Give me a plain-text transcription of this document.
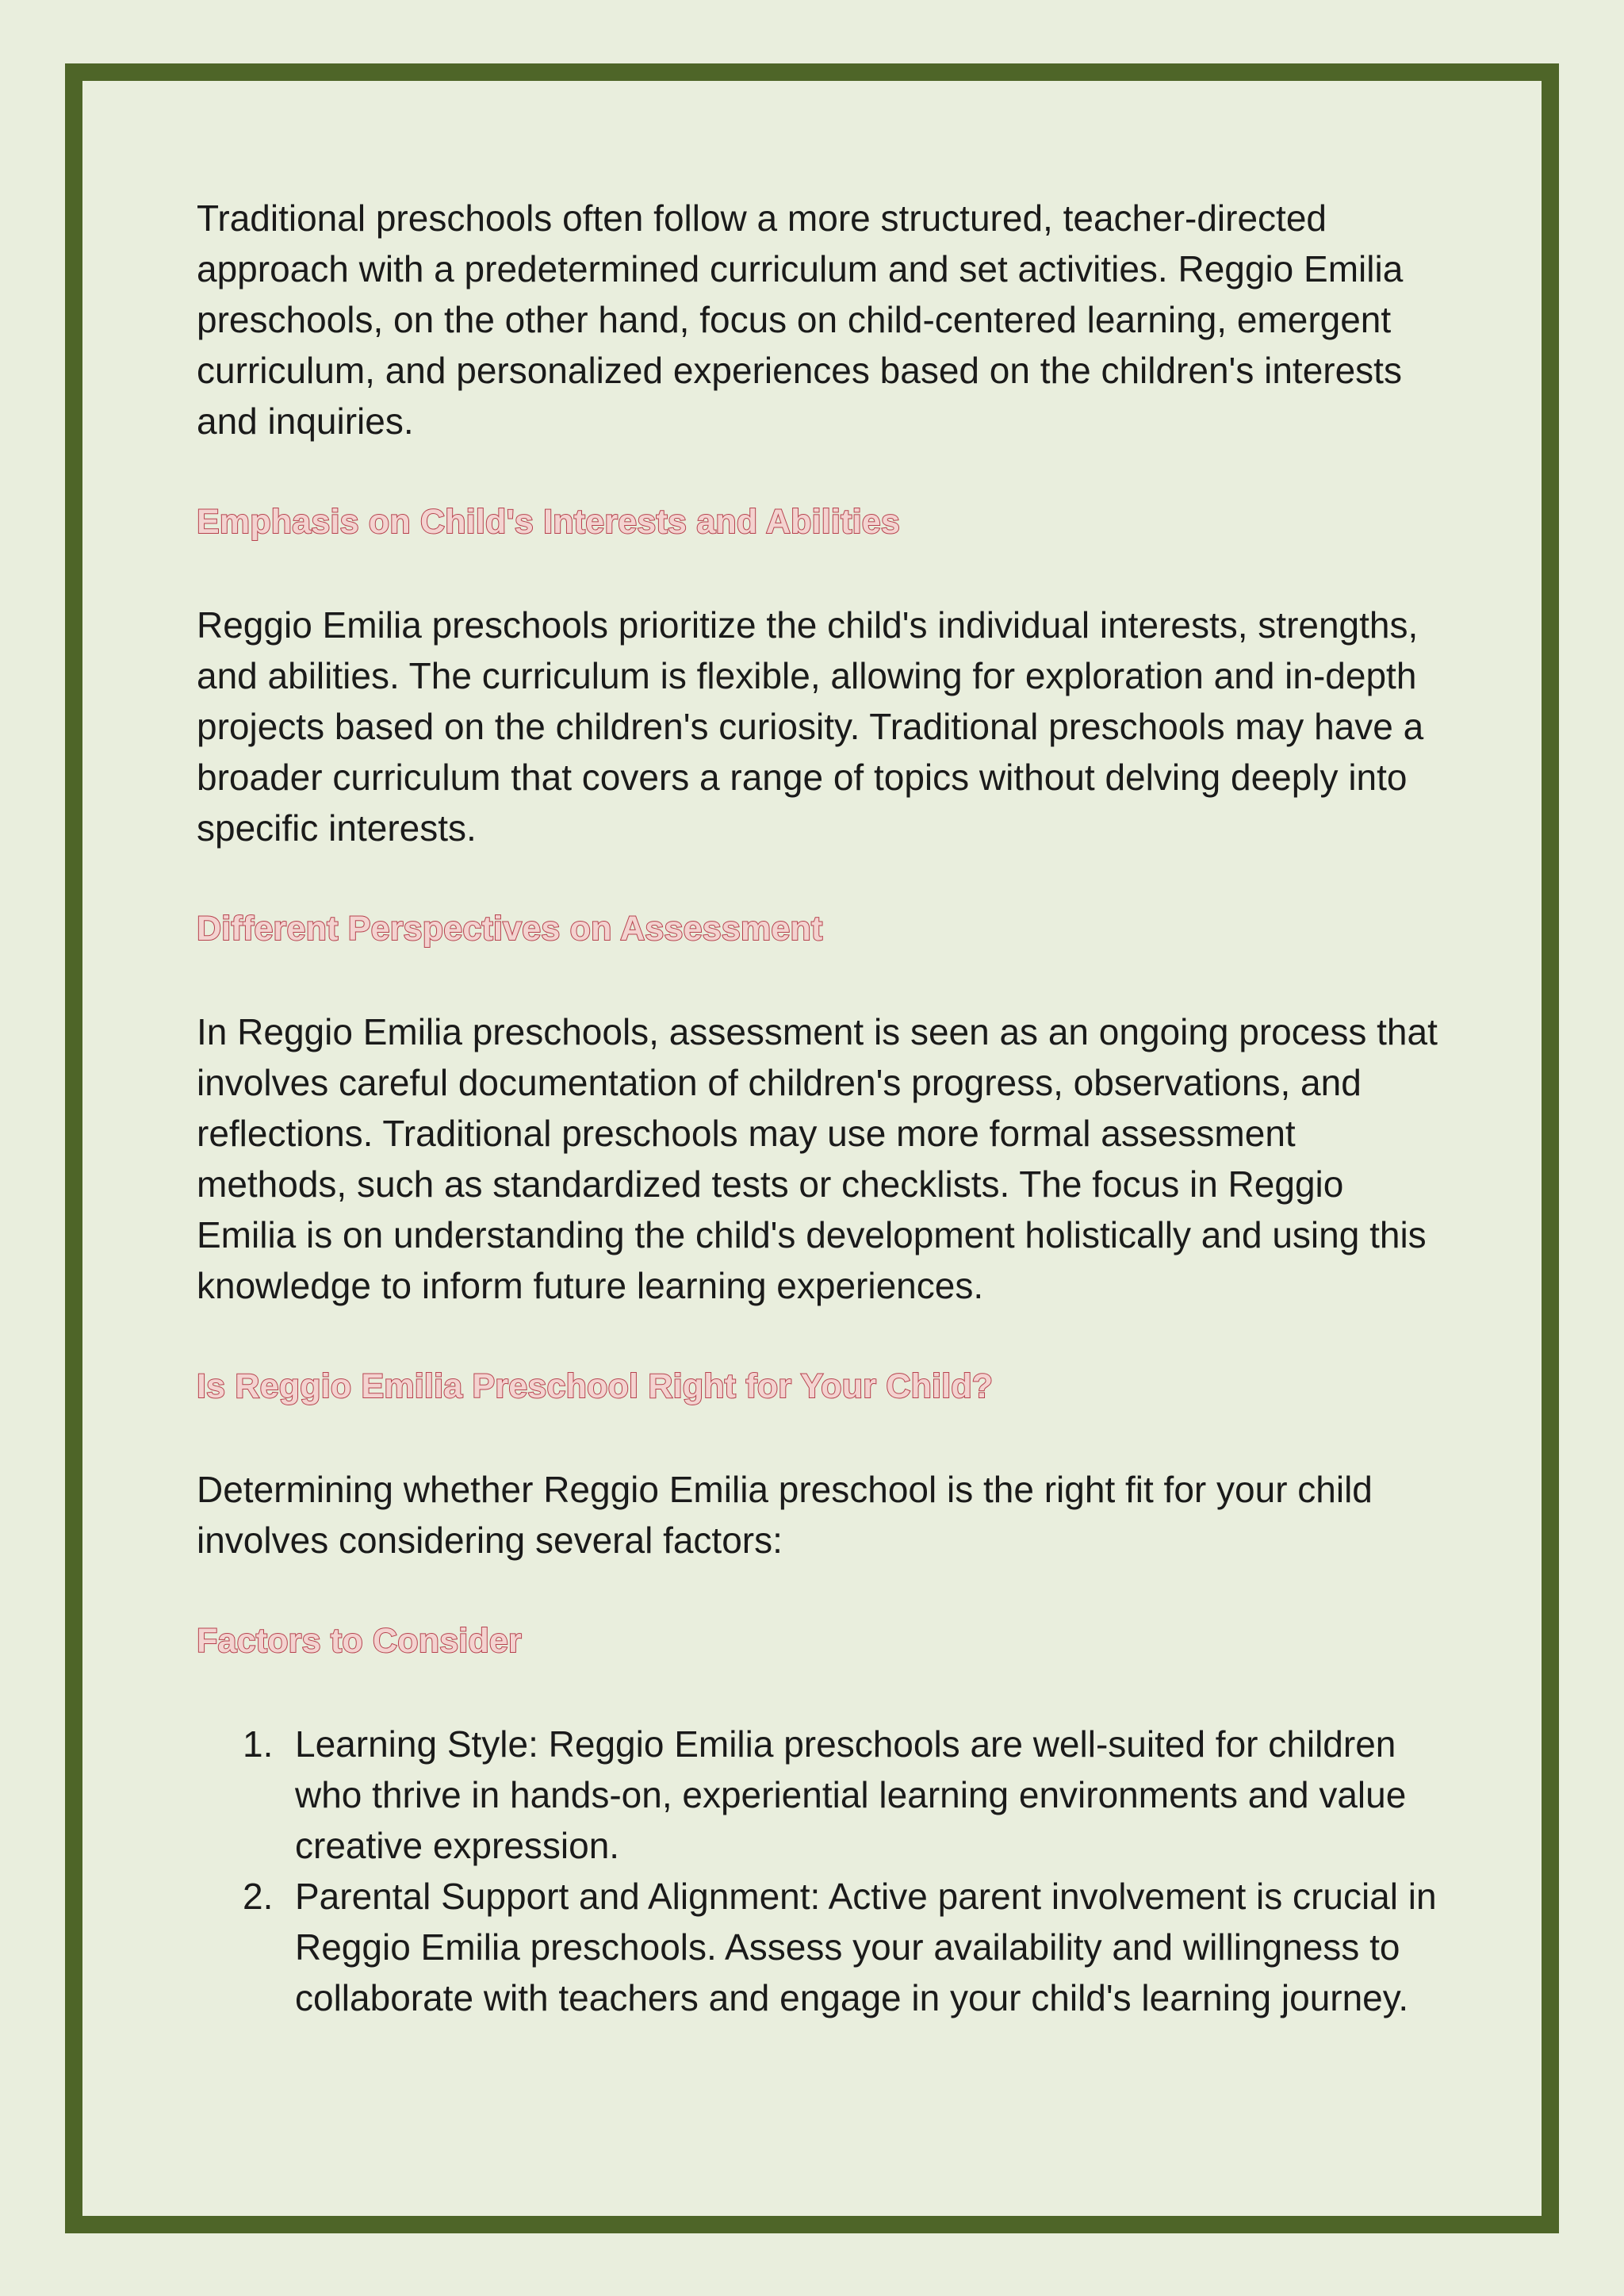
Traditional preschools often follow a more structured, teacher-directed approach with a predetermined curriculum and set activities. Reggio Emilia preschools, on the other hand, focus on child-centered learning, emergent curriculum, and personalized experiences based on the children's interests and inquiries.

Emphasis on Child's Interests and Abilities

Reggio Emilia preschools prioritize the child's individual interests, strengths, and abilities. The curriculum is flexible, allowing for exploration and in-depth projects based on the children's curiosity. Traditional preschools may have a broader curriculum that covers a range of topics without delving deeply into specific interests.

Different Perspectives on Assessment

In Reggio Emilia preschools, assessment is seen as an ongoing process that involves careful documentation of children's progress, observations, and reflections. Traditional preschools may use more formal assessment methods, such as standardized tests or checklists. The focus in Reggio Emilia is on understanding the child's development holistically and using this knowledge to inform future learning experiences.

Is Reggio Emilia Preschool Right for Your Child?

Determining whether Reggio Emilia preschool is the right fit for your child involves considering several factors:

Factors to Consider
1. Learning Style: Reggio Emilia preschools are well-suited for children who thrive in hands-on, experiential learning environments and value creative expression.
2. Parental Support and Alignment: Active parent involvement is crucial in Reggio Emilia preschools. Assess your availability and willingness to collaborate with teachers and engage in your child's learning journey.
